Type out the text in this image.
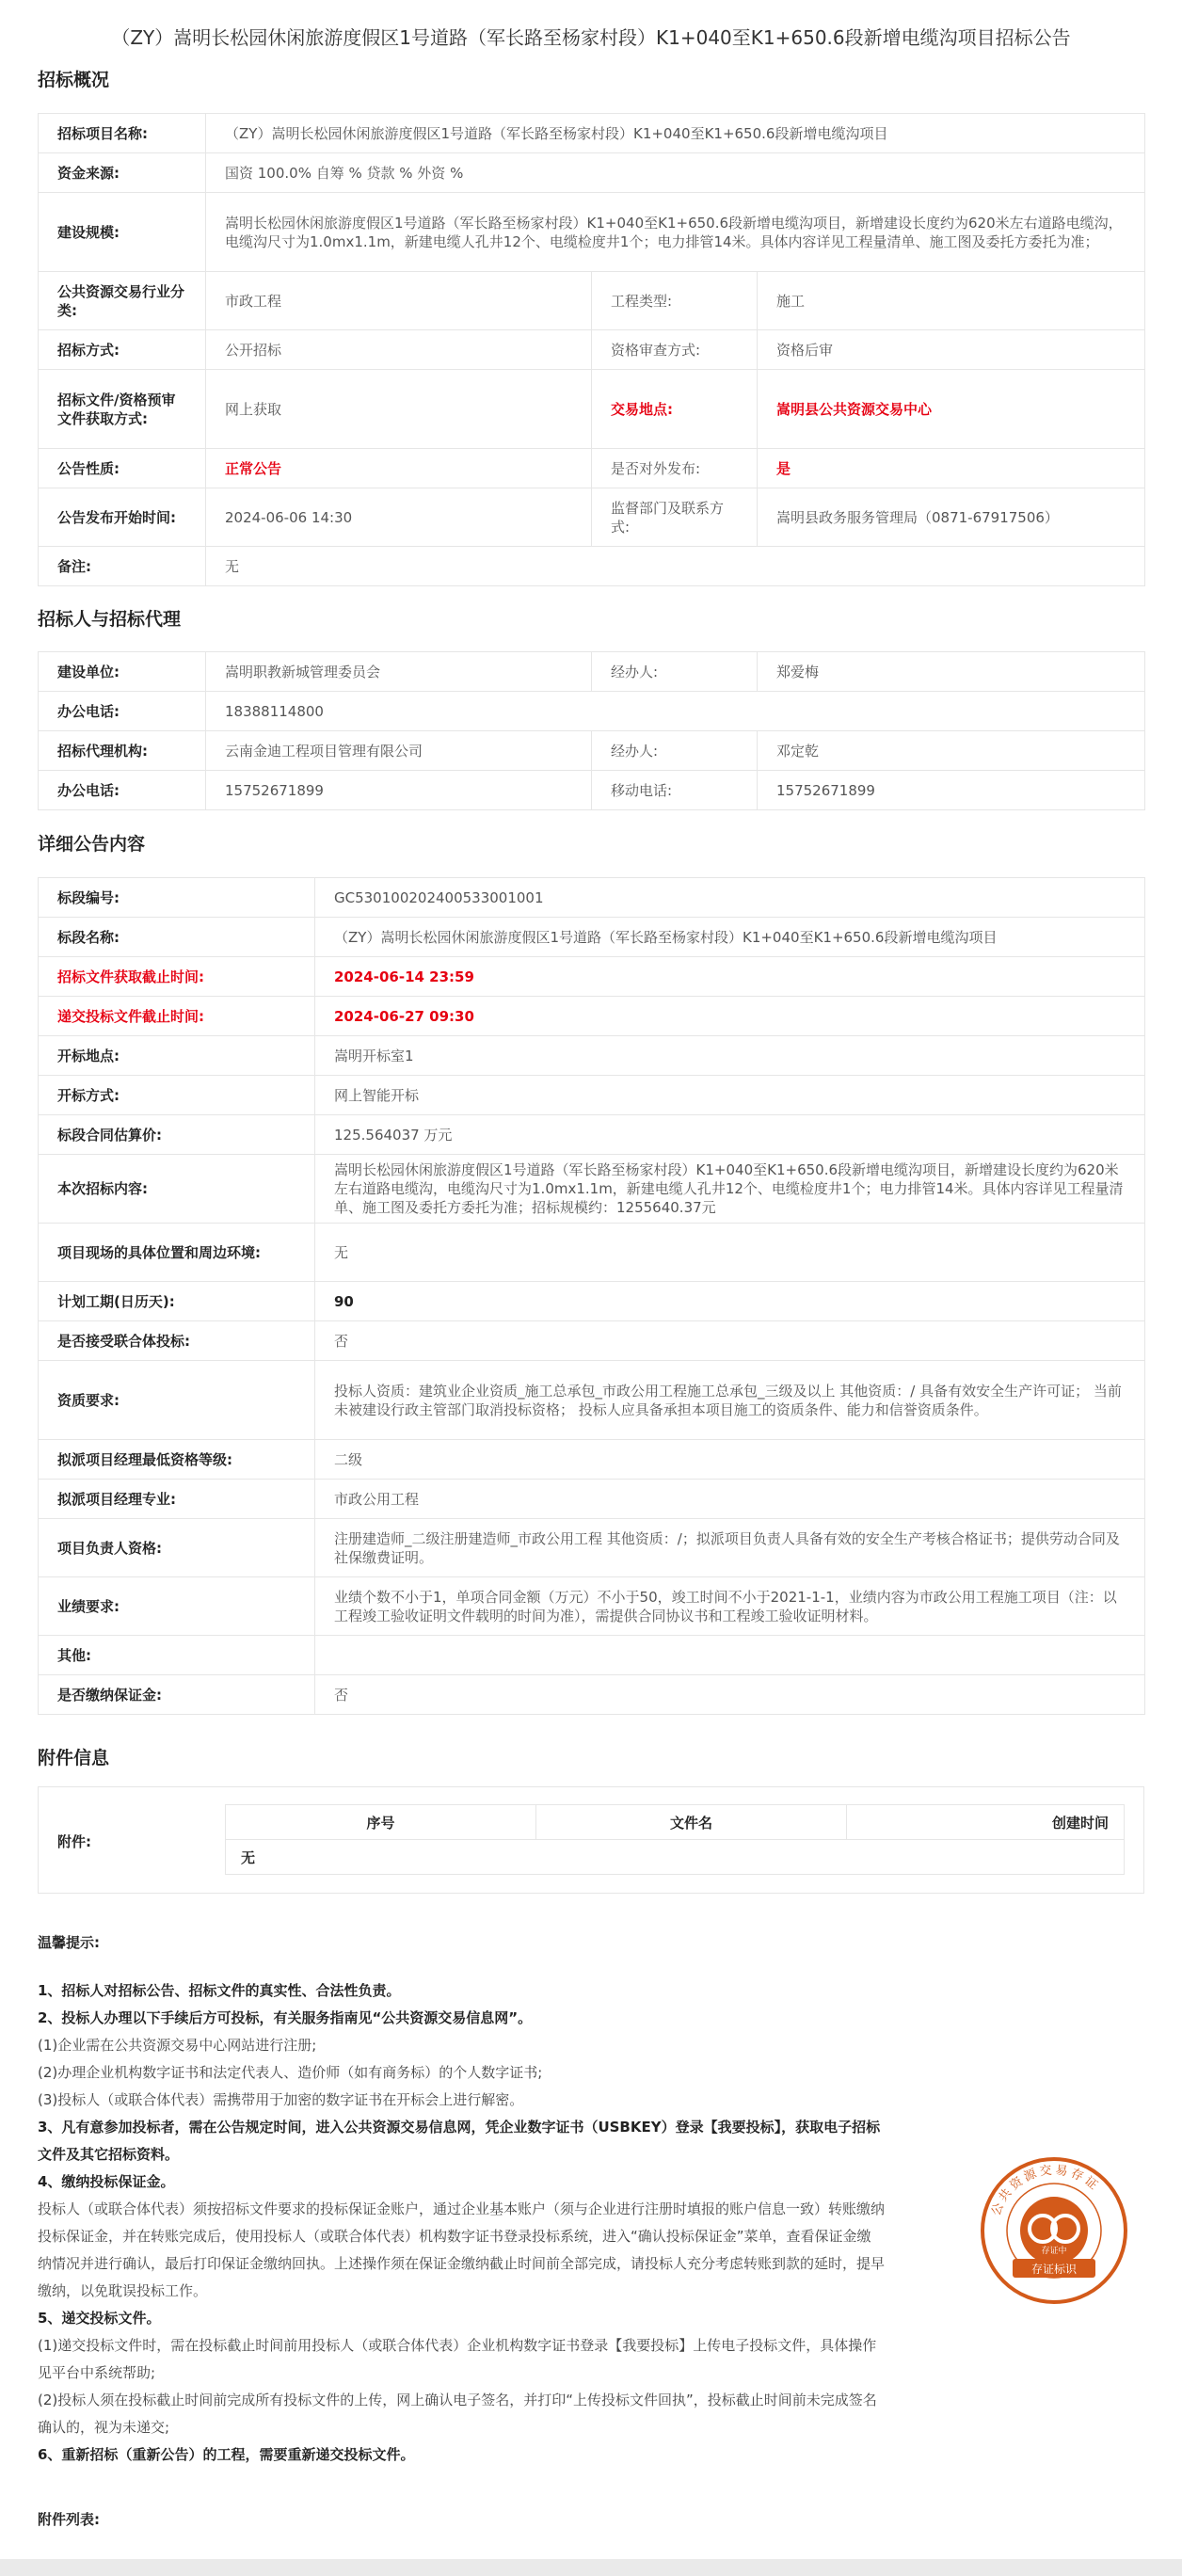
（ZY）嵩明长松园休闲旅游度假区1号道路（军长路至杨家村段）K1+040至K1+650.6段新增电缆沟项目招标公告
招标概况
招标项目名称:	（ZY）嵩明长松园休闲旅游度假区1号道路（军长路至杨家村段）K1+040至K1+650.6段新增电缆沟项目		
资金来源:	国资 100.0% 自筹 % 贷款 % 外资 %		
建设规模:	嵩明长松园休闲旅游度假区1号道路（军长路至杨家村段）K1+040至K1+650.6段新增电缆沟项目，新增建设长度约为620米左右道路电缆沟，电缆沟尺寸为1.0mx1.1m，新建电缆人孔井12个、电缆检度井1个；电力排管14米。具体内容详见工程量清单、施工图及委托方委托为准；		
公共资源交易行业分类:	市政工程	工程类型:	施工
招标方式:	公开招标	资格审查方式:	资格后审
招标文件/资格预审文件获取方式:	网上获取	交易地点:	嵩明县公共资源交易中心
公告性质:	正常公告	是否对外发布:	是
公告发布开始时间:	2024-06-06 14:30	监督部门及联系方式:	嵩明县政务服务管理局（0871-67917506）
备注:	无		
招标人与招标代理
建设单位:	嵩明职教新城管理委员会	经办人:	郑爱梅
办公电话:	18388114800		
招标代理机构:	云南金迪工程项目管理有限公司	经办人:	邓定乾
办公电话:	15752671899	移动电话:	15752671899
详细公告内容
标段编号:	GC5301002024005330​01001
标段名称:	（ZY）嵩明长松园休闲旅游度假区1号道路（军长路至杨家村段）K1+040至K1+650.6段新增电缆沟项目
招标文件获取截止时间:	2024-06-14 23:59
递交投标文件截止时间:	2024-06-27 09:30
开标地点:	嵩明开标室1
开标方式:	网上智能开标
标段合同估算价:	125.564037 万元
本次招标内容:	嵩明长松园休闲旅游度假区1号道路（军长路至杨家村段）K1+040至K1+650.6段新增电缆沟项目，新增建设长度约为620米左右道路电缆沟，电缆沟尺寸为1.0mx1.1m，新建电缆人孔井12个、电缆检度井1个；电力排管14米。具体内容详见工程量清单、施工图及委托方委托为准；招标规模约：1255640.37元
项目现场的具体位置和周边环境:	无
计划工期(日历天):	90
是否接受联合体投标:	否
资质要求:	投标人资质：建筑业企业资质_施工总承包_市政公用工程施工总承包_三级及以上 其他资质：/ 具备有效安全生产许可证； 当前未被建设行政主管部门取消投标资格； 投标人应具备承担本项目施工的资质条件、能力和信誉资质条件。
拟派项目经理最低资格等级:	二级
拟派项目经理专业:	市政公用工程
项目负责人资格:	注册建造师_二级注册建造师_市政公用工程 其他资质：/；拟派项目负责人具备有效的安全生产考核合格证书；提供劳动合同及社保缴费证明。
业绩要求:	业绩个数不小于1，单项合同金额（万元）不小于50，竣工时间不小于2021-1-1，业绩内容为市政公用工程施工项目（注：以工程竣工验收证明文件载明的时间为准），需提供合同协议书和工程竣工验收证明材料。
其他:	
是否缴纳保证金:	否
附件信息
附件:
序号	文件名	创建时间
无
温馨提示:
1、招标人对招标公告、招标文件的真实性、合法性负责。
2、投标人办理以下手续后方可投标，有关服务指南见“公共资源交易信息网”。
(1)企业需在公共资源交易中心网站进行注册;
(2)办理企业机构数字证书和法定代表人、造价师（如有商务标）的个人数字证书;
(3)投标人（或联合体代表）需携带用于加密的数字证书在开标会上进行解密。
3、凡有意参加投标者，需在公告规定时间，进入公共资源交易信息网，凭企业数字证书（USBKEY）登录【我要投标】，获取电子招标文件及其它招标资料。
4、缴纳投标保证金。
投标人（或联合体代表）须按招标文件要求的投标保证金账户，通过企业基本账户（须与企业进行注册时填报的账户信息一致）转账缴纳投标保证金，并在转账完成后，使用投标人（或联合体代表）机构数字证书登录投标系统，进入“确认投标保证金”菜单，查看保证金缴纳情况并进行确认，最后打印保证金缴纳回执。上述操作须在保证金缴纳截止时间前全部完成，请投标人充分考虑转账到款的延时，提早缴纳，以免耽误投标工作。
5、递交投标文件。
(1)递交投标文件时，需在投标截止时间前用投标人（或联合体代表）企业机构数字证书登录【我要投标】上传电子投标文件，具体操作见平台中系统帮助;
(2)投标人须在投标截止时间前完成所有投标文件的上传，网上确认电子签名，并打印“上传投标文件回执”，投标截止时间前未完成签名确认的，视为未递交;
6、重新招标（重新公告）的工程，需要重新递交投标文件。
附件列表:
公共资源交易存证
存证标识
存证中
